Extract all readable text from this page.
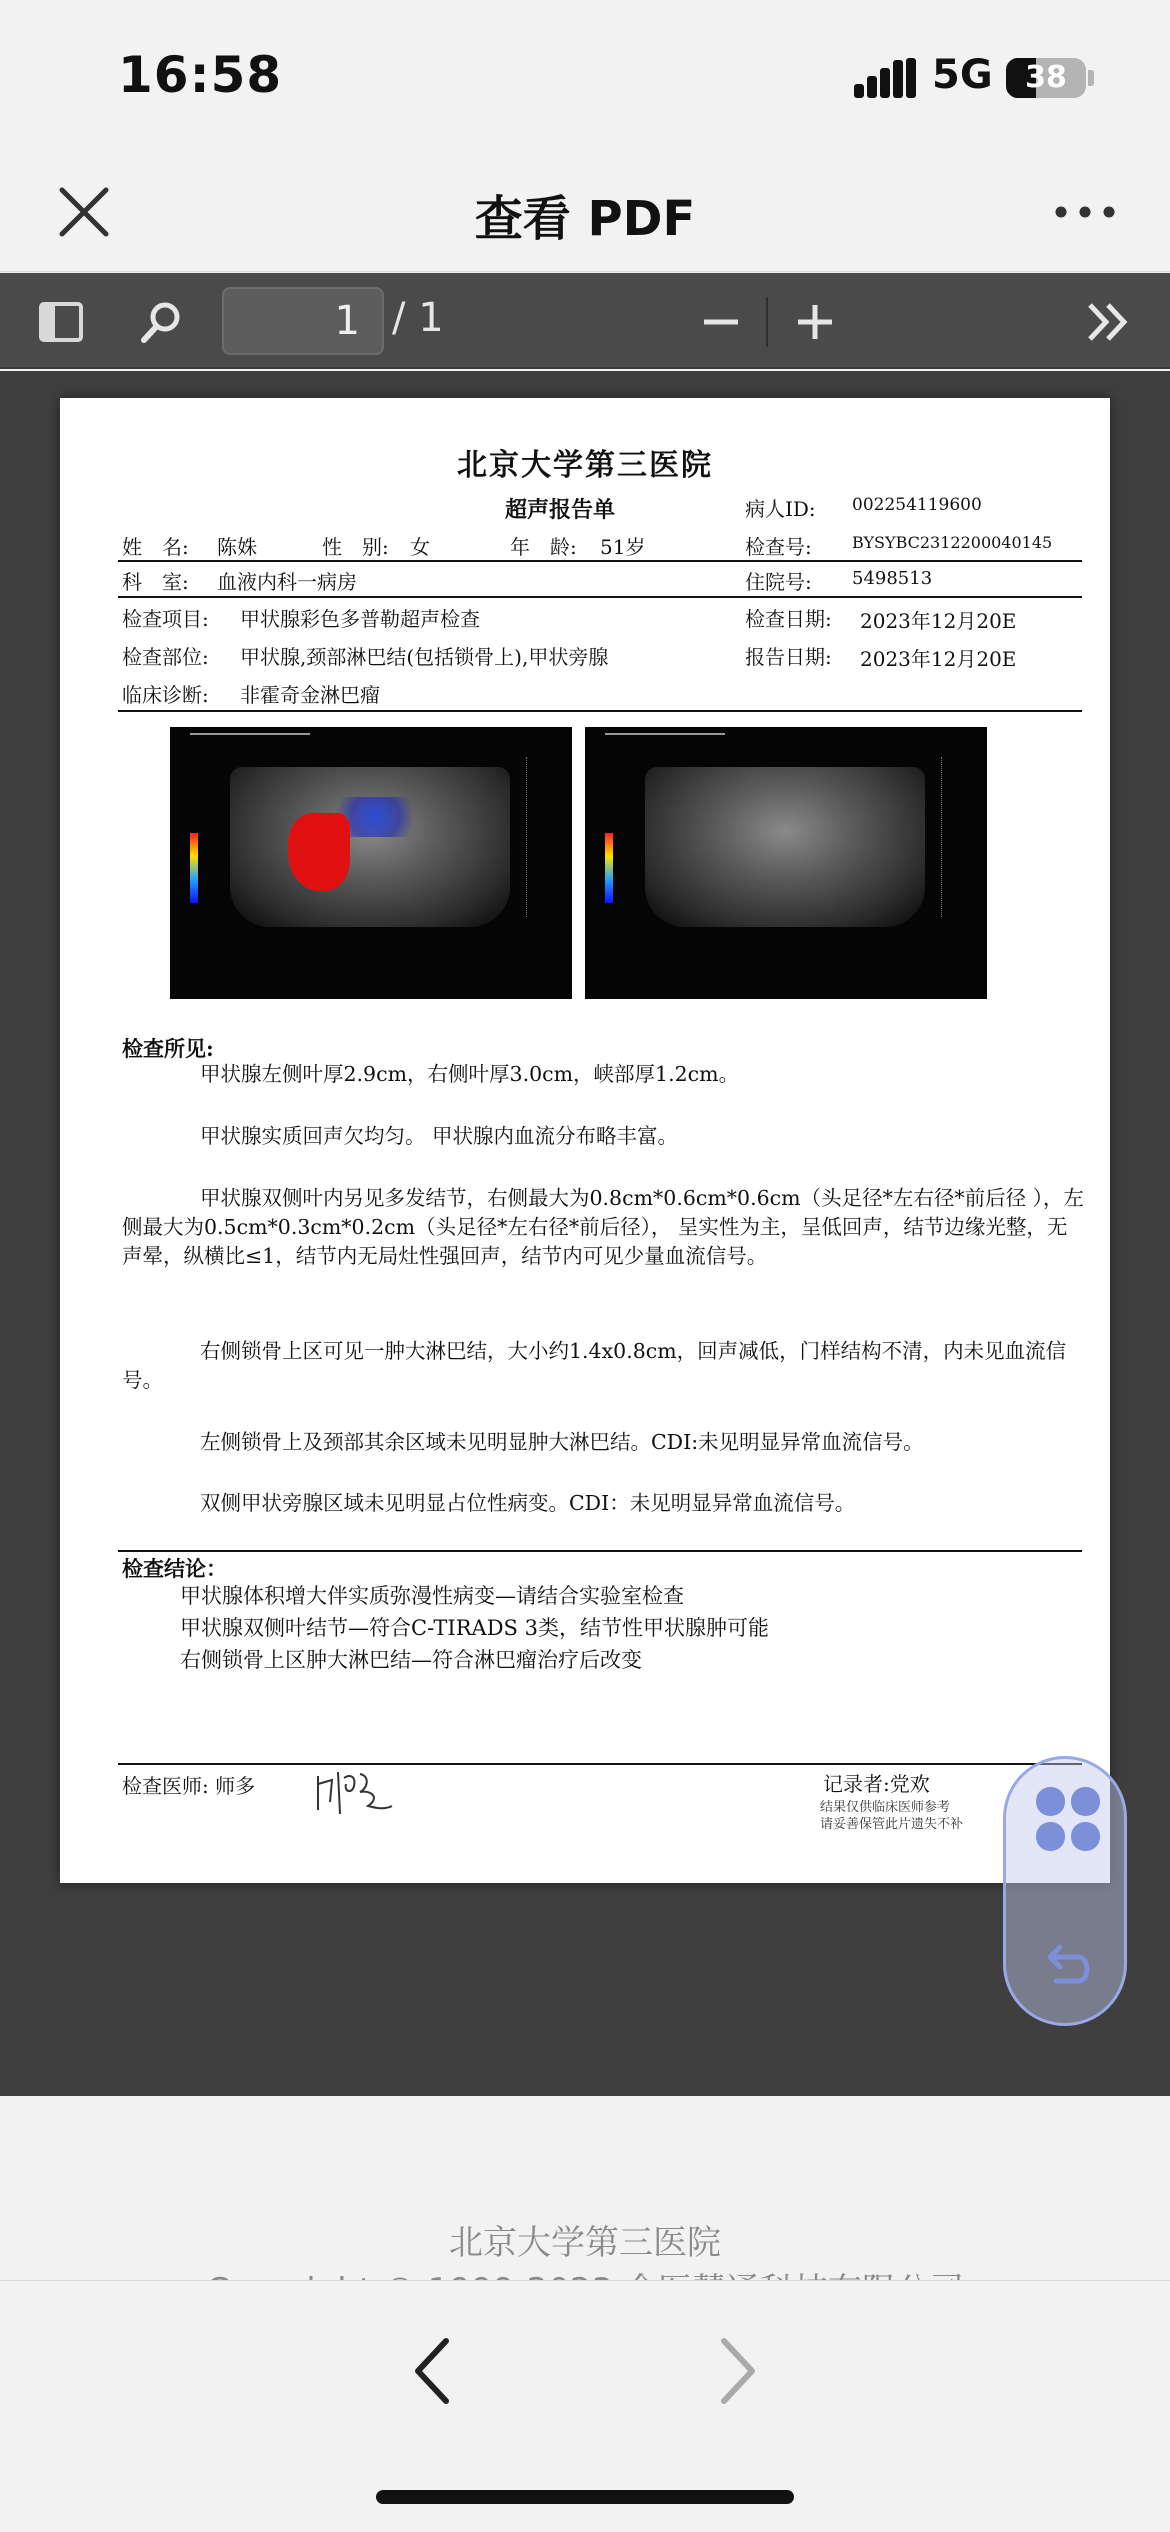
16:58	5G	38
查看 PDF
1 / 1
北京大学第三医院
超声报告单	病人ID: 002254119600
姓　名: 陈姝	性　别: 女	年　龄: 51岁	检查号:	BYSYBC2312200040145
科　室: 血液内科一病房	住院号: 5498513
检查项目: 甲状腺彩色多普勒超声检查	检查日期: 2023年12月20E
检查部位: 甲状腺,颈部淋巴结(包括锁骨上),甲状旁腺	报告日期: 2023年12月20E
临床诊断: 非霍奇金淋巴瘤
检查所见:
甲状腺左侧叶厚2.9cm，右侧叶厚3.0cm，峡部厚1.2cm。
甲状腺实质回声欠均匀。 甲状腺内血流分布略丰富。
甲状腺双侧叶内另见多发结节，右侧最大为0.8cm*0.6cm*0.6cm（头足径*左右径*前后径 ），左侧最大为0.5cm*0.3cm*0.2cm（头足径*左右径*前后径）， 呈实性为主，呈低回声，结节边缘光整，无声晕，纵横比≤1，结节内无局灶性强回声，结节内可见少量血流信号。
右侧锁骨上区可见一肿大淋巴结，大小约1.4x0.8cm，回声减低，门样结构不清，内未见血流信号。
左侧锁骨上及颈部其余区域未见明显肿大淋巴结。CDI:未见明显异常血流信号。
双侧甲状旁腺区域未见明显占位性病变。CDI：未见明显异常血流信号。
检查结论：
甲状腺体积增大伴实质弥漫性病变—请结合实验室检查
甲状腺双侧叶结节—符合C-TIRADS 3类，结节性甲状腺肿可能
右侧锁骨上区肿大淋巴结—符合淋巴瘤治疗后改变
检查医师: 师多	记录者:党欢
结果仅供临床医师参考
请妥善保管此片遗失不补
北京大学第三医院
